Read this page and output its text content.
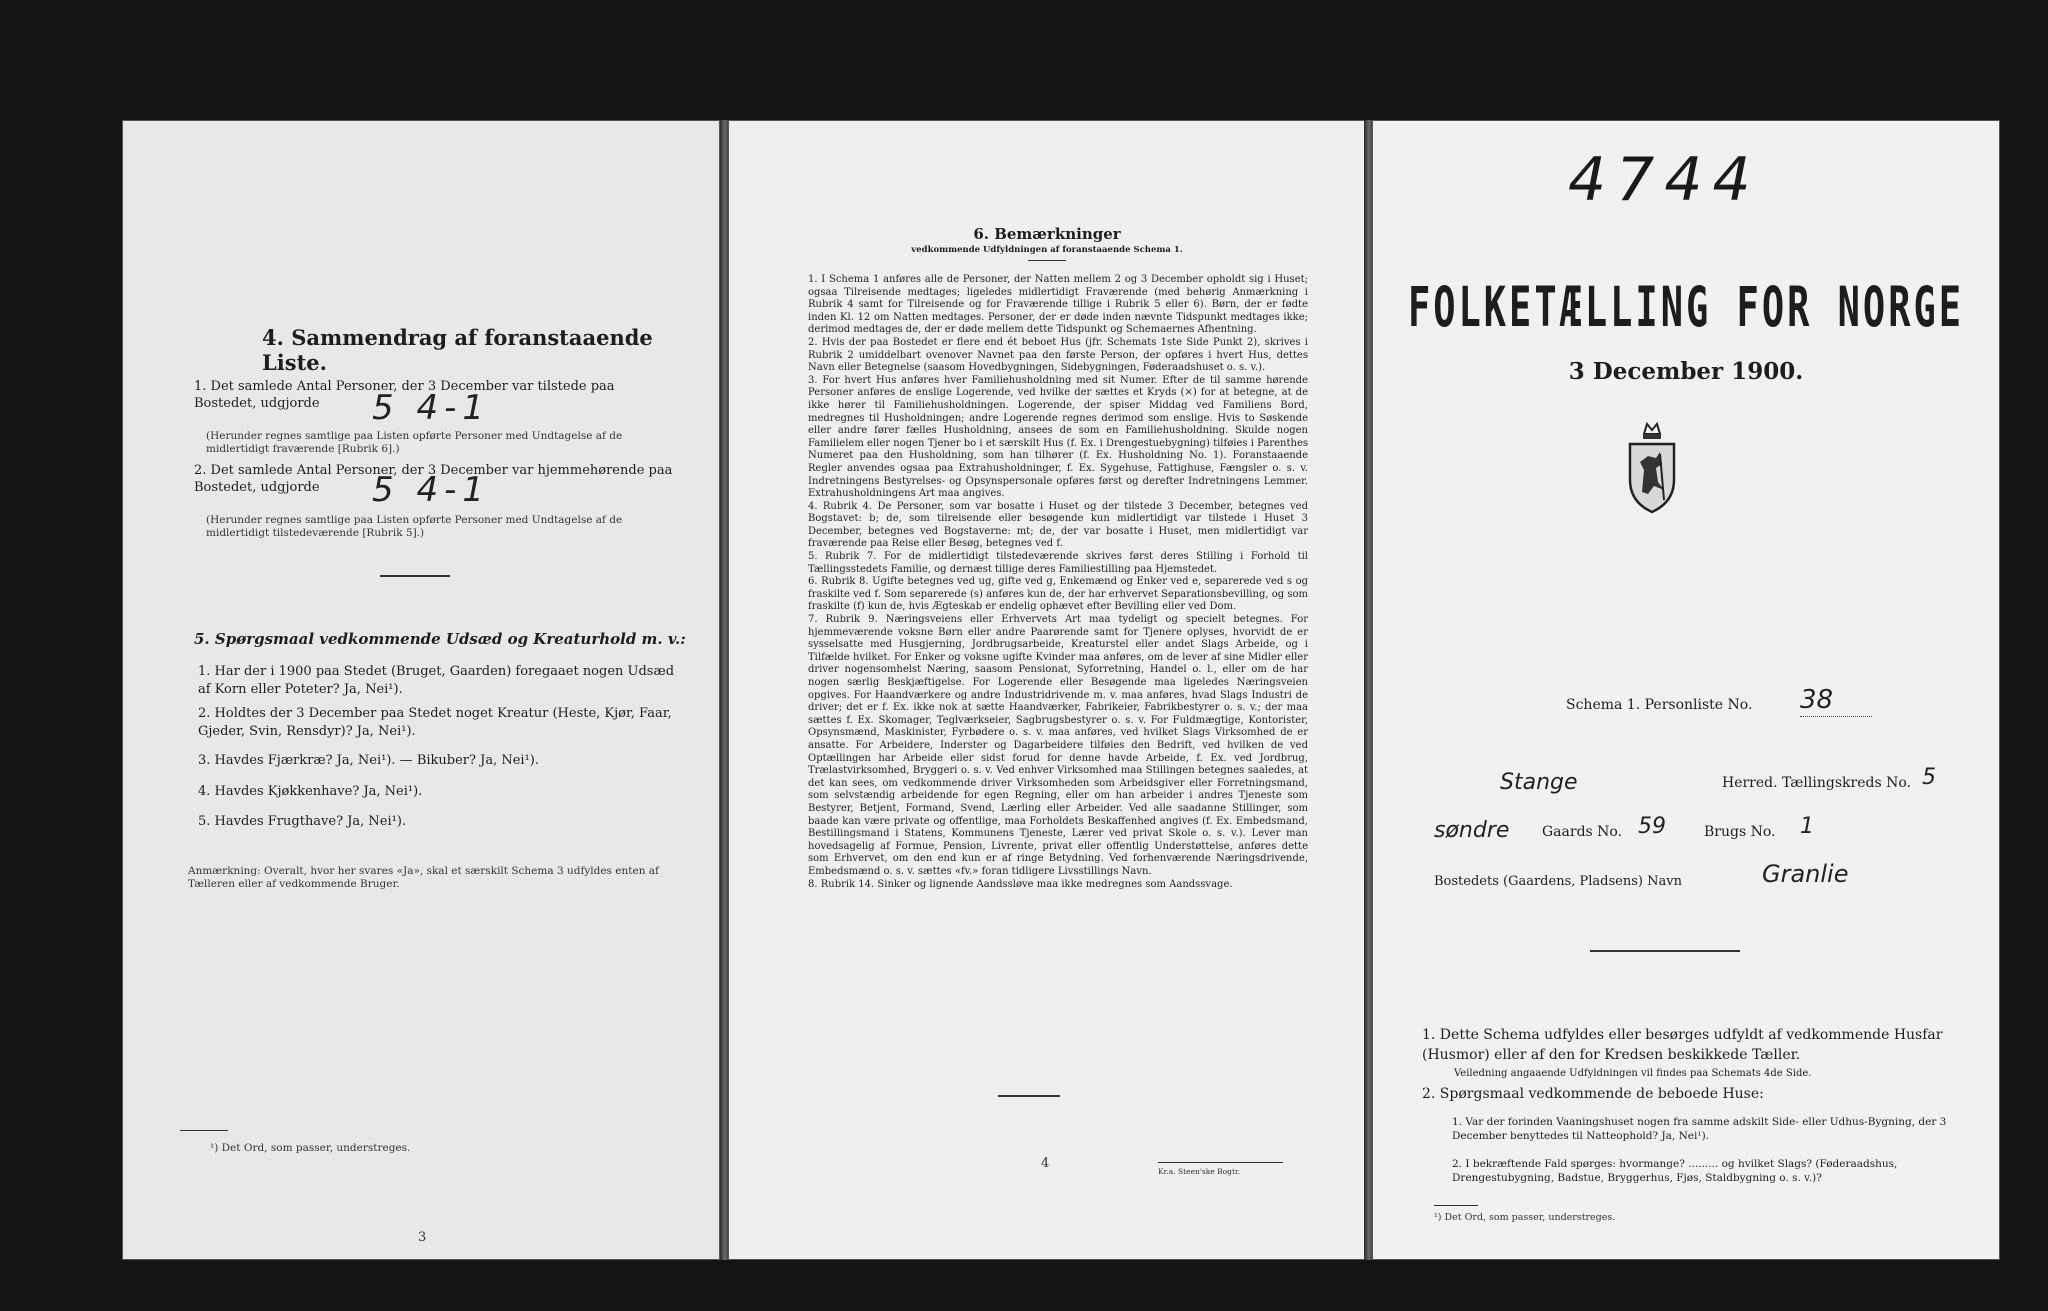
4. Sammendrag af foranstaaende Liste.
1. Det samlede Antal Personer, der 3 December var tilstede paa Bostedet, udgjorde	5 4-1
(Herunder regnes samtlige paa Listen opførte Personer med Undtagelse af de midlertidigt fraværende [Rubrik 6].)
2. Det samlede Antal Personer, der 3 December var hjemmehørende paa Bostedet, udgjorde	5 4-1
(Herunder regnes samtlige paa Listen opførte Personer med Undtagelse af de midlertidigt tilstedeværende [Rubrik 5].)
5. Spørgsmaal vedkommende Udsæd og Kreaturhold m. v.:
1. Har der i 1900 paa Stedet (Bruget, Gaarden) foregaaet nogen Udsæd af Korn eller Poteter? Ja, Nei¹).
2. Holdtes der 3 December paa Stedet noget Kreatur (Heste, Kjør, Faar, Gjeder, Svin, Rensdyr)? Ja, Nei¹).
3. Havdes Fjærkræ? Ja, Nei¹). — Bikuber? Ja, Nei¹).
4. Havdes Kjøkkenhave? Ja, Nei¹).
5. Havdes Frugthave? Ja, Nei¹).
Anmærkning: Overalt, hvor her svares «Ja», skal et særskilt Schema 3 udfyldes enten af Tælleren eller af vedkommende Bruger.
¹) Det Ord, som passer, understreges.
3
6. Bemærkninger
vedkommende Udfyldningen af foranstaaende Schema 1.
1. I Schema 1 anføres alle de Personer, der Natten mellem 2 og 3 December opholdt sig i Huset; ogsaa Tilreisende medtages; ligeledes midlertidigt Fraværende (med behørig Anmærkning i Rubrik 4 samt for Tilreisende og for Fraværende tillige i Rubrik 5 eller 6). Børn, der er fødte inden Kl. 12 om Natten medtages. Personer, der er døde inden nævnte Tidspunkt medtages ikke; derimod medtages de, der er døde mellem dette Tidspunkt og Schemaernes Afhentning.
2. Hvis der paa Bostedet er flere end ét beboet Hus (jfr. Schemats 1ste Side Punkt 2), skrives i Rubrik 2 umiddelbart ovenover Navnet paa den første Person, der opføres i hvert Hus, dettes Navn eller Betegnelse (saasom Hovedbygningen, Sidebygningen, Føderaadshuset o. s. v.).
3. For hvert Hus anføres hver Familiehusholdning med sit Numer. Efter de til samme hørende Personer anføres de enslige Logerende, ved hvilke der sættes et Kryds (×) for at betegne, at de ikke hører til Familiehusholdningen. Logerende, der spiser Middag ved Familiens Bord, medregnes til Husholdningen; andre Logerende regnes derimod som enslige. Hvis to Søskende eller andre fører fælles Husholdning, ansees de som en Familiehusholdning. Skulde nogen Familielem eller nogen Tjener bo i et særskilt Hus (f. Ex. i Drengestuebygning) tilføies i Parenthes Numeret paa den Husholdning, som han tilhører (f. Ex. Husholdning No. 1). Foranstaaende Regler anvendes ogsaa paa Extrahusholdninger, f. Ex. Sygehuse, Fattighuse, Fængsler o. s. v. Indretningens Bestyrelses- og Opsynspersonale opføres først og derefter Indretningens Lemmer. Extrahusholdningens Art maa angives.
4. Rubrik 4. De Personer, som var bosatte i Huset og der tilstede 3 December, betegnes ved Bogstavet: b; de, som tilreisende eller besøgende kun midlertidigt var tilstede i Huset 3 December, betegnes ved Bogstaverne: mt; de, der var bosatte i Huset, men midlertidigt var fraværende paa Reise eller Besøg, betegnes ved f.
5. Rubrik 7. For de midlertidigt tilstedeværende skrives først deres Stilling i Forhold til Tællingsstedets Familie, og dernæst tillige deres Familiestilling paa Hjemstedet.
6. Rubrik 8. Ugifte betegnes ved ug, gifte ved g, Enkemænd og Enker ved e, separerede ved s og fraskilte ved f. Som separerede (s) anføres kun de, der har erhvervet Separationsbevilling, og som fraskilte (f) kun de, hvis Ægteskab er endelig ophævet efter Bevilling eller ved Dom.
7. Rubrik 9. Næringsveiens eller Erhvervets Art maa tydeligt og specielt betegnes. For hjemmeværende voksne Børn eller andre Paarørende samt for Tjenere oplyses, hvorvidt de er sysselsatte med Husgjerning, Jordbrugsarbeide, Kreaturstel eller andet Slags Arbeide, og i Tilfælde hvilket. For Enker og voksne ugifte Kvinder maa anføres, om de lever af sine Midler eller driver nogensomhelst Næring, saasom Pensionat, Syforretning, Handel o. l., eller om de har nogen særlig Beskjæftigelse. For Logerende eller Besøgende maa ligeledes Næringsveien opgives. For Haandværkere og andre Industridrivende m. v. maa anføres, hvad Slags Industri de driver; det er f. Ex. ikke nok at sætte Haandværker, Fabrikeier, Fabrikbestyrer o. s. v.; der maa sættes f. Ex. Skomager, Teglværkseier, Sagbrugsbestyrer o. s. v. For Fuldmægtige, Kontorister, Opsynsmænd, Maskinister, Fyrbødere o. s. v. maa anføres, ved hvilket Slags Virksomhed de er ansatte. For Arbeidere, Inderster og Dagarbeidere tilføies den Bedrift, ved hvilken de ved Optællingen har Arbeide eller sidst forud for denne havde Arbeide, f. Ex. ved Jordbrug, Trælastvirksomhed, Bryggeri o. s. v. Ved enhver Virksomhed maa Stillingen betegnes saaledes, at det kan sees, om vedkommende driver Virksomheden som Arbeidsgiver eller Forretningsmand, som selvstændig arbeidende for egen Regning, eller om han arbeider i andres Tjeneste som Bestyrer, Betjent, Formand, Svend, Lærling eller Arbeider. Ved alle saadanne Stillinger, som baade kan være private og offentlige, maa Forholdets Beskaffenhed angives (f. Ex. Embedsmand, Bestillingsmand i Statens, Kommunens Tjeneste, Lærer ved privat Skole o. s. v.). Lever man hovedsagelig af Formue, Pension, Livrente, privat eller offentlig Understøttelse, anføres dette som Erhvervet, om den end kun er af ringe Betydning. Ved forhenværende Næringsdrivende, Embedsmænd o. s. v. sættes «fv.» foran tidligere Livsstillings Navn.
8. Rubrik 14. Sinker og lignende Aandssløve maa ikke medregnes som Aandssvage.
4
Kr.a. Steen'ske Bogtr.
4744
FOLKETÆLLING FOR NORGE
3 December 1900.
Schema 1. Personliste No. 38
Stange	Herred. Tællingskreds No. 5
søndre Gaards No. 59	Brugs No. 1
Bostedets (Gaardens, Pladsens) Navn	Granlie
1. Dette Schema udfyldes eller besørges udfyldt af vedkommende Husfar (Husmor) eller af den for Kredsen beskikkede Tæller.
Veiledning angaaende Udfyldningen vil findes paa Schemats 4de Side.
2. Spørgsmaal vedkommende de beboede Huse:
1. Var der forinden Vaaningshuset nogen fra samme adskilt Side- eller Udhus-Bygning, der 3 December benyttedes til Natteophold? Ja, Nei¹).
2. I bekræftende Fald spørges: hvormange? ......... og hvilket Slags? (Føderaadshus, Drengestubygning, Badstue, Bryggerhus, Fjøs, Staldbygning o. s. v.)?
¹) Det Ord, som passer, understreges.
